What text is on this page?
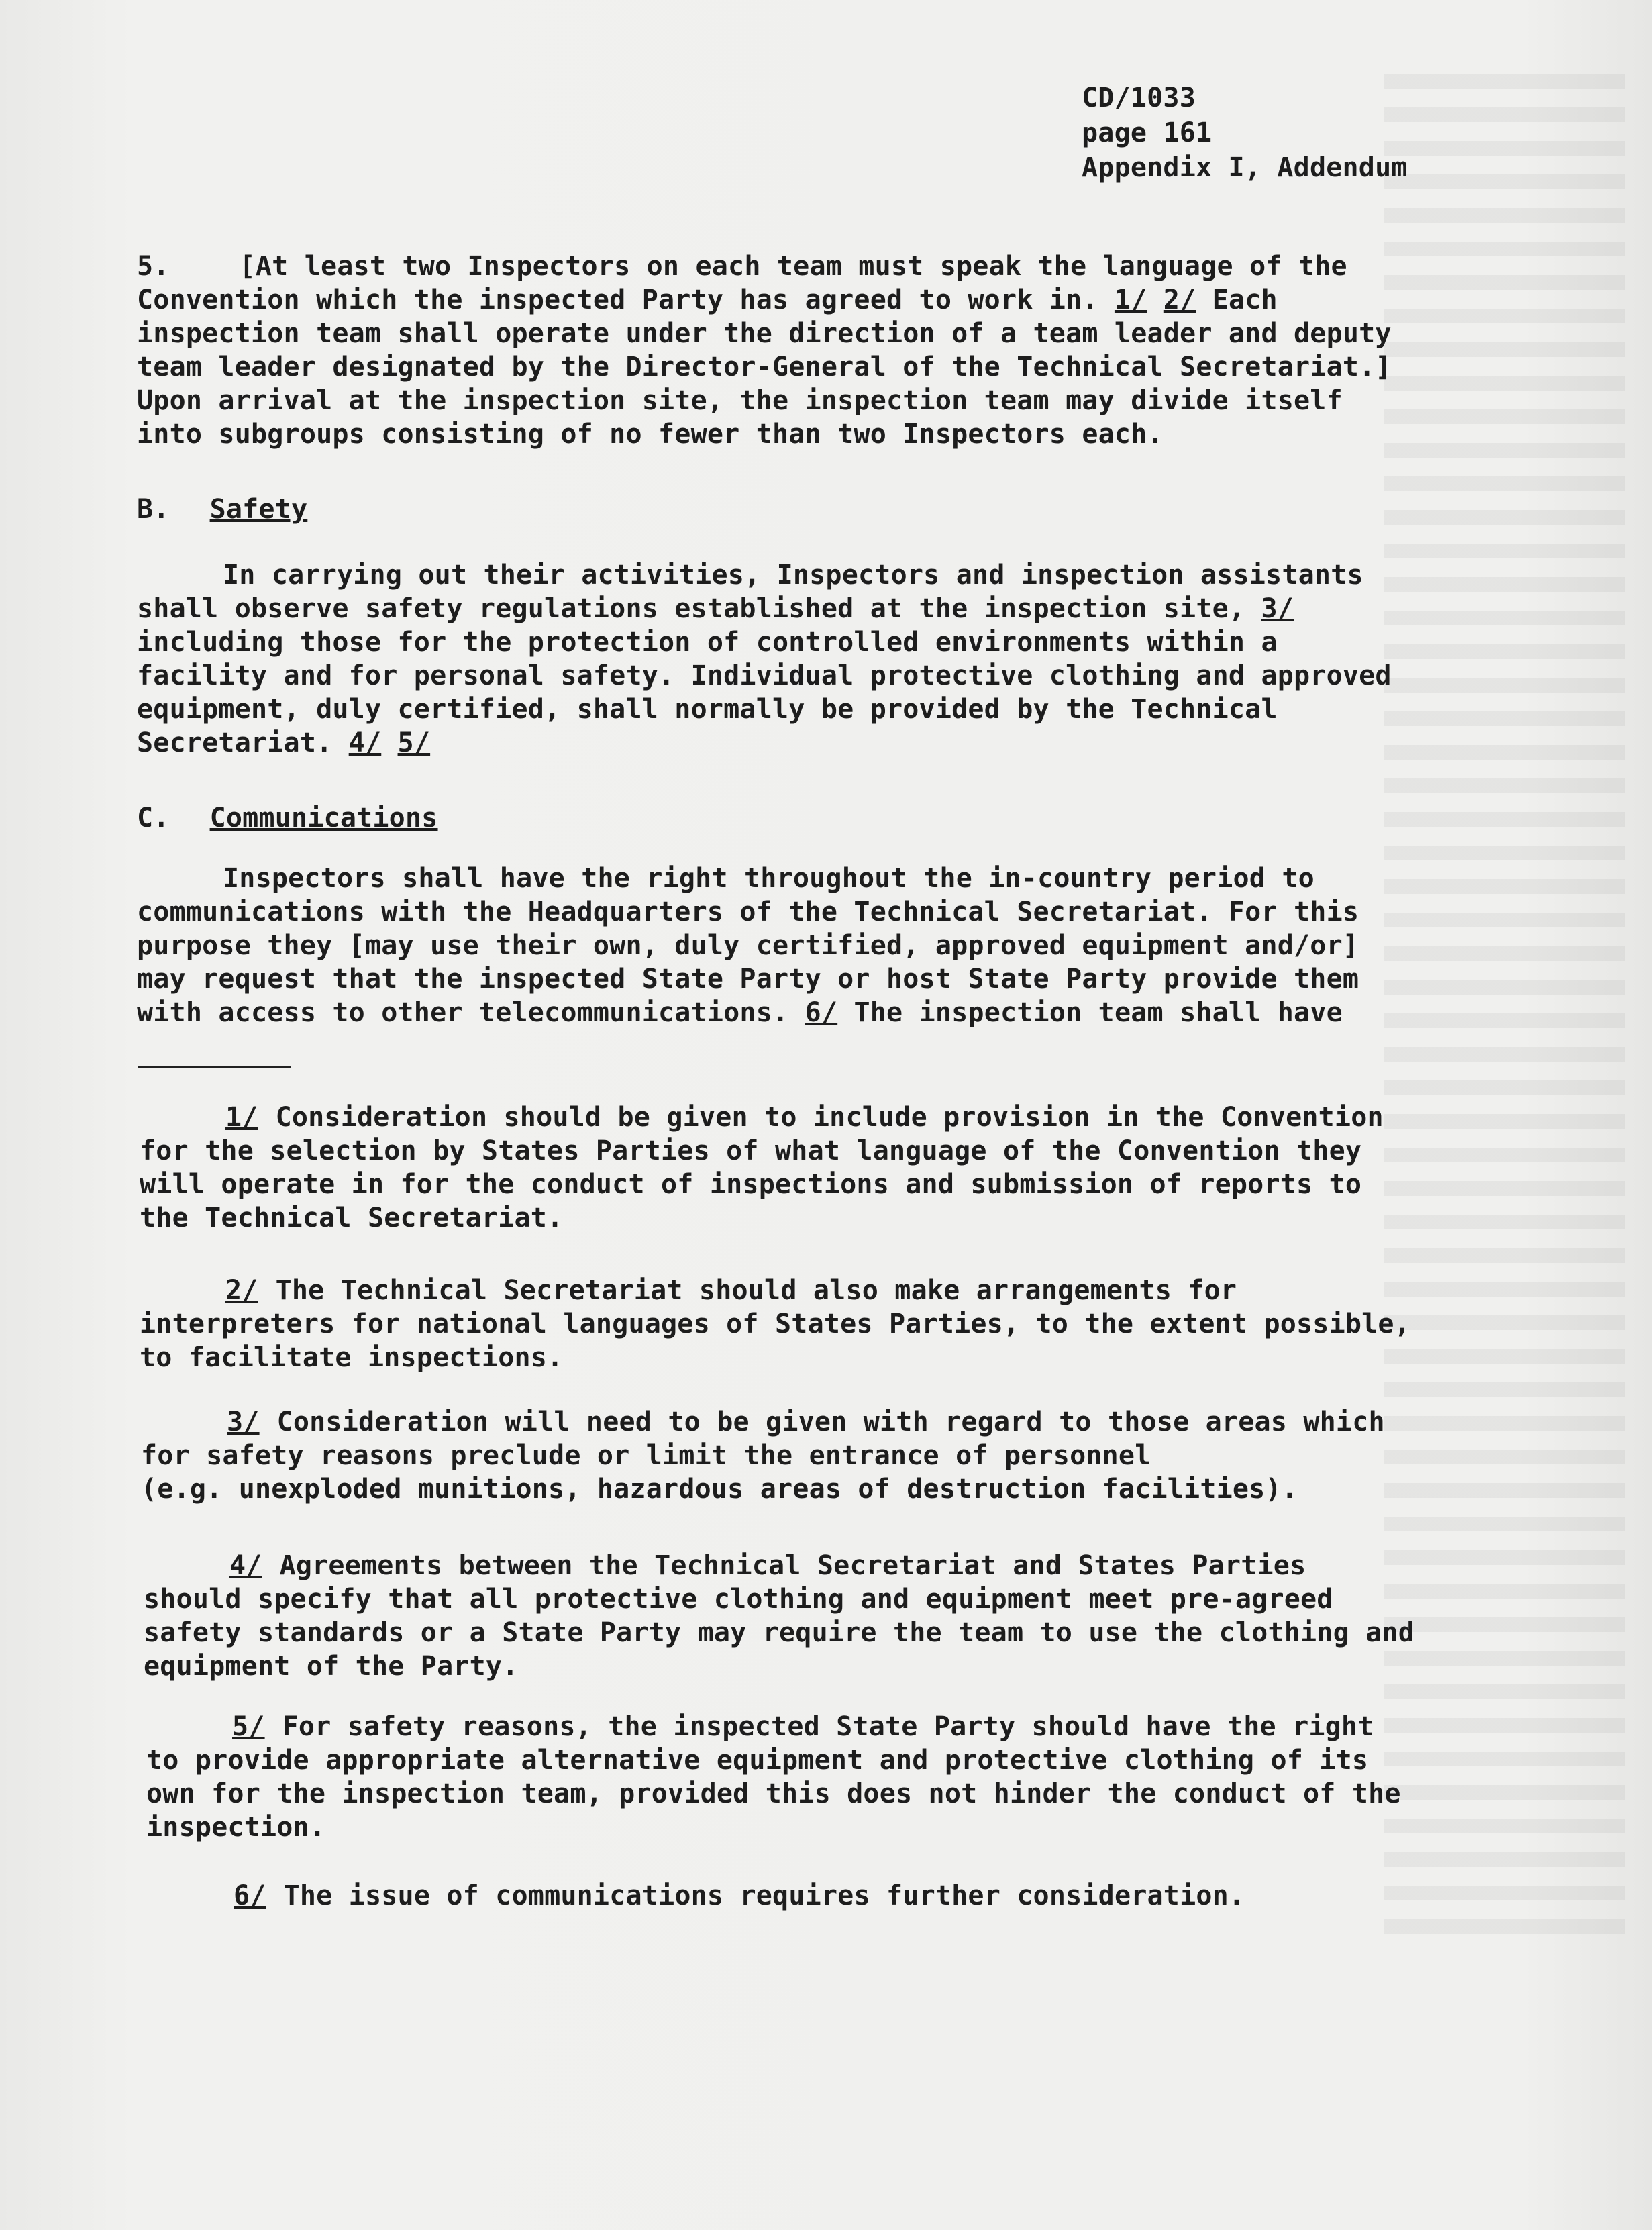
CD/1033
page 161
Appendix I, Addendum
5.	[At least two Inspectors on each team must speak the language of the
Convention which the inspected Party has agreed to work in. 1/ 2/ Each
inspection team shall operate under the direction of a team leader and deputy
team leader designated by the Director-General of the Technical Secretariat.]
Upon arrival at the inspection site, the inspection team may divide itself
into subgroups consisting of no fewer than two Inspectors each.
B. Safety
In carrying out their activities, Inspectors and inspection assistants
shall observe safety regulations established at the inspection site, 3/
including those for the protection of controlled environments within a
facility and for personal safety. Individual protective clothing and approved
equipment, duly certified, shall normally be provided by the Technical
Secretariat. 4/ 5/
C. Communications
Inspectors shall have the right throughout the in-country period to
communications with the Headquarters of the Technical Secretariat. For this
purpose they [may use their own, duly certified, approved equipment and/or]
may request that the inspected State Party or host State Party provide them
with access to other telecommunications. 6/ The inspection team shall have
1/ Consideration should be given to include provision in the Convention
for the selection by States Parties of what language of the Convention they
will operate in for the conduct of inspections and submission of reports to
the Technical Secretariat.
2/ The Technical Secretariat should also make arrangements for
interpreters for national languages of States Parties, to the extent possible,
to facilitate inspections.
3/ Consideration will need to be given with regard to those areas which
for safety reasons preclude or limit the entrance of personnel
(e.g. unexploded munitions, hazardous areas of destruction facilities).
4/ Agreements between the Technical Secretariat and States Parties
should specify that all protective clothing and equipment meet pre-agreed
safety standards or a State Party may require the team to use the clothing and
equipment of the Party.
5/ For safety reasons, the inspected State Party should have the right
to provide appropriate alternative equipment and protective clothing of its
own for the inspection team, provided this does not hinder the conduct of the
inspection.
6/ The issue of communications requires further consideration.
